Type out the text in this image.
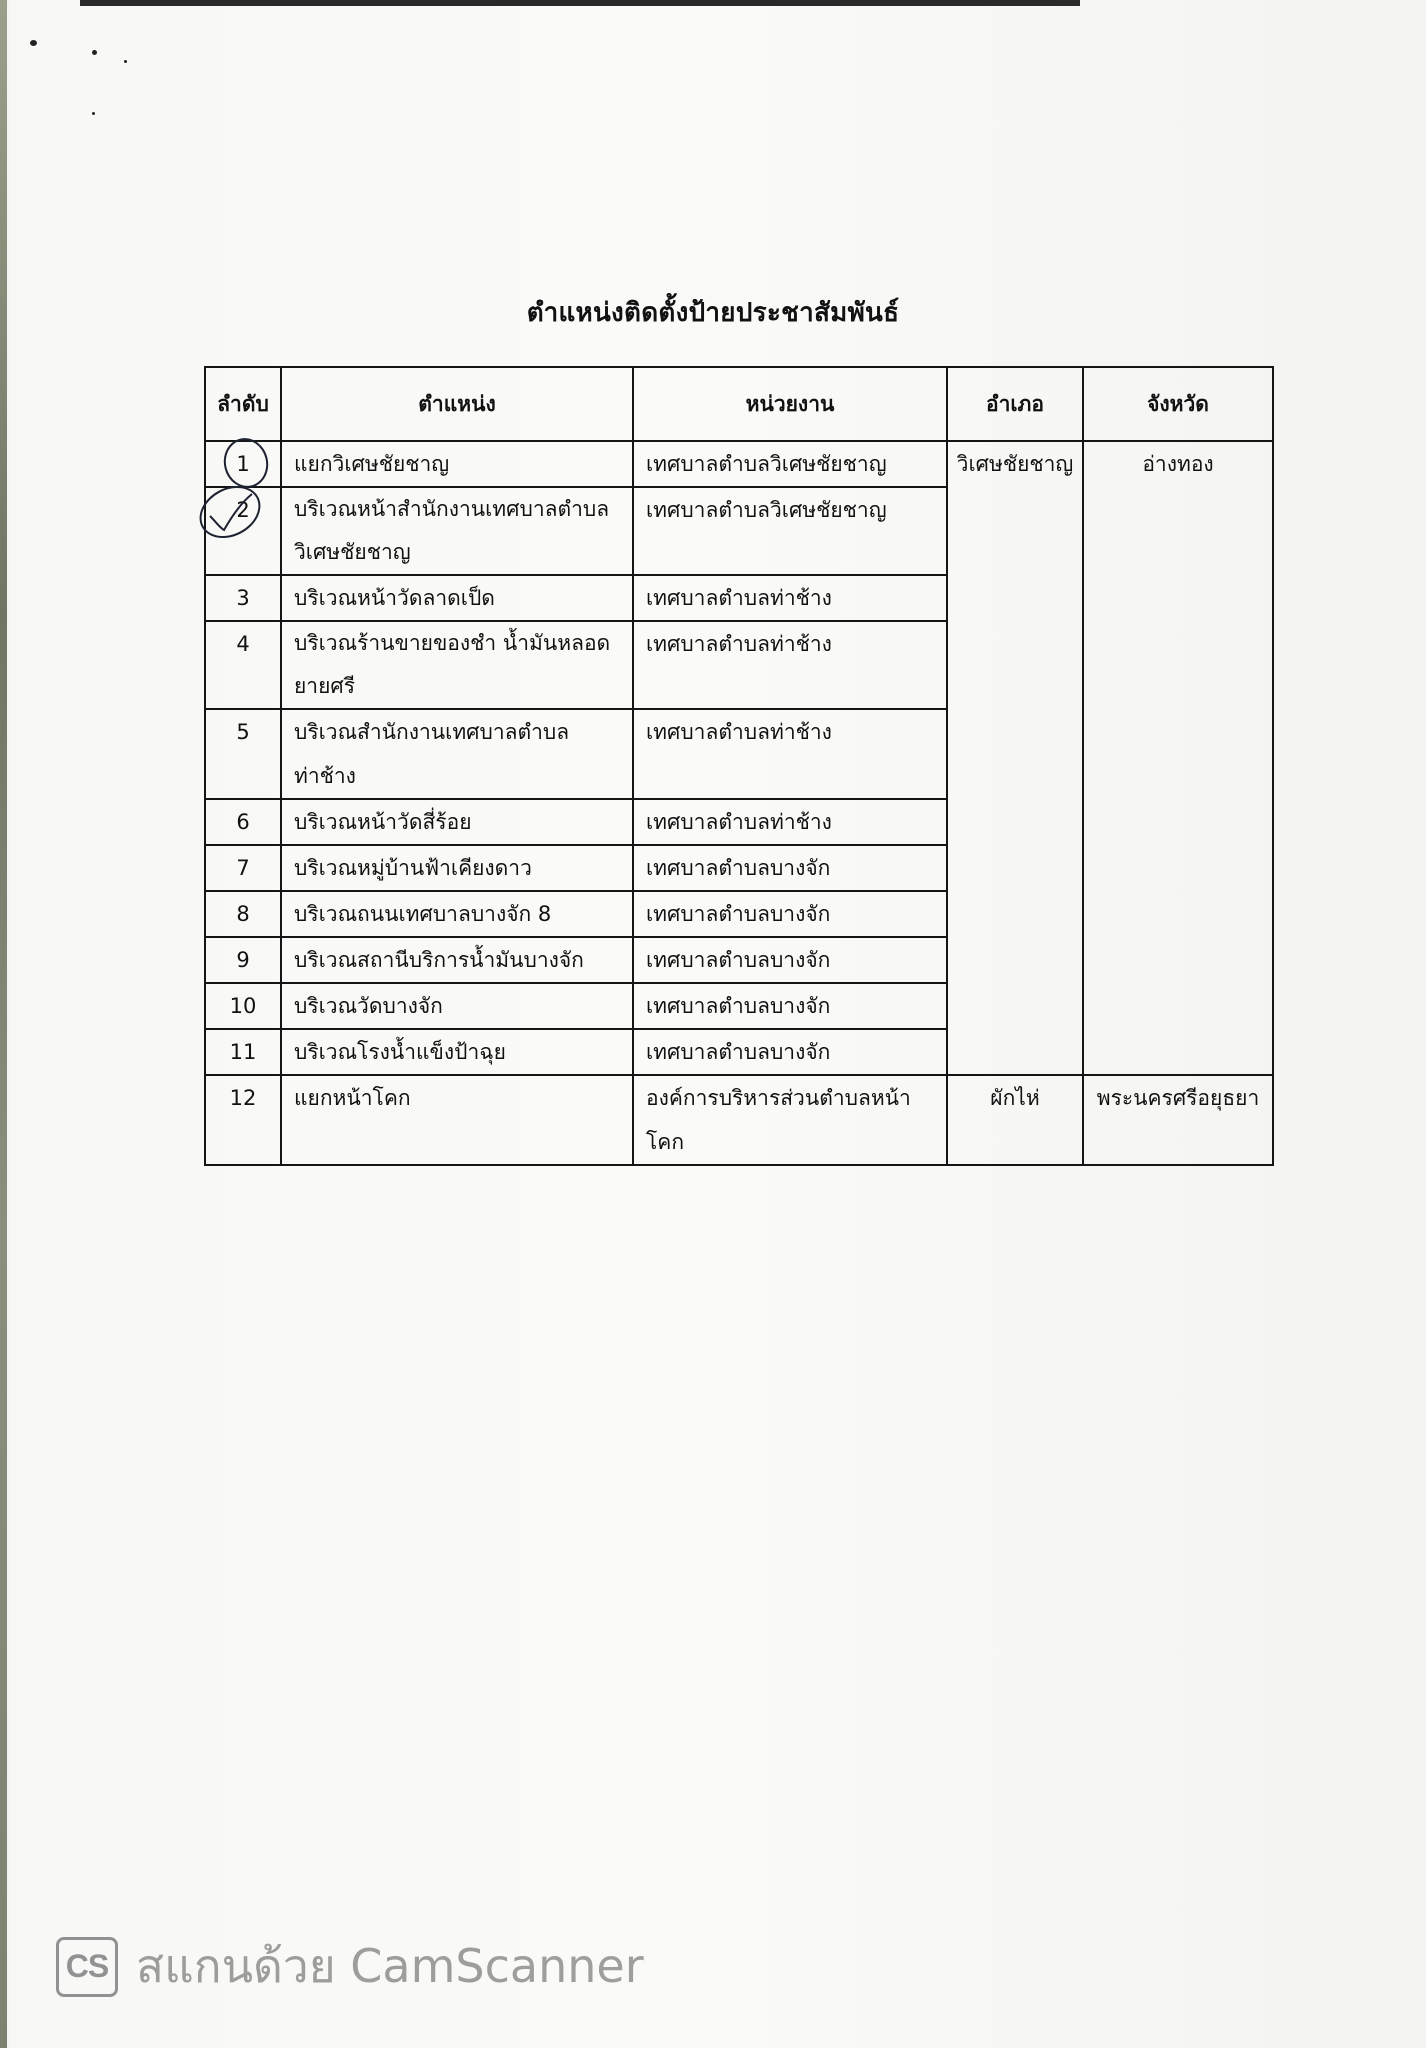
ตำแหน่งติดตั้งป้ายประชาสัมพันธ์
ลำดับ	ตำแหน่ง	หน่วยงาน	อำเภอ	จังหวัด
1	แยกวิเศษชัยชาญ	เทศบาลตำบลวิเศษชัยชาญ	วิเศษชัยชาญ	อ่างทอง
2	บริเวณหน้าสำนักงานเทศบาลตำบล
วิเศษชัยชาญ	เทศบาลตำบลวิเศษชัยชาญ		
3	บริเวณหน้าวัดลาดเป็ด	เทศบาลตำบลท่าช้าง		
4	บริเวณร้านขายของชำ น้ำมันหลอด
ยายศรี	เทศบาลตำบลท่าช้าง		
5	บริเวณสำนักงานเทศบาลตำบลท่าช้าง	เทศบาลตำบลท่าช้าง		
6	บริเวณหน้าวัดสี่ร้อย	เทศบาลตำบลท่าช้าง		
7	บริเวณหมู่บ้านฟ้าเคียงดาว	เทศบาลตำบลบางจัก		
8	บริเวณถนนเทศบาลบางจัก 8	เทศบาลตำบลบางจัก		
9	บริเวณสถานีบริการน้ำมันบางจัก	เทศบาลตำบลบางจัก		
10	บริเวณวัดบางจัก	เทศบาลตำบลบางจัก		
11	บริเวณโรงน้ำแข็งป้าฉุย	เทศบาลตำบลบางจัก		
12	แยกหน้าโคก	องค์การบริหารส่วนตำบลหน้าโคก	ผักไห่	พระนครศรีอยุธยา
CS สแกนด้วย CamScanner
